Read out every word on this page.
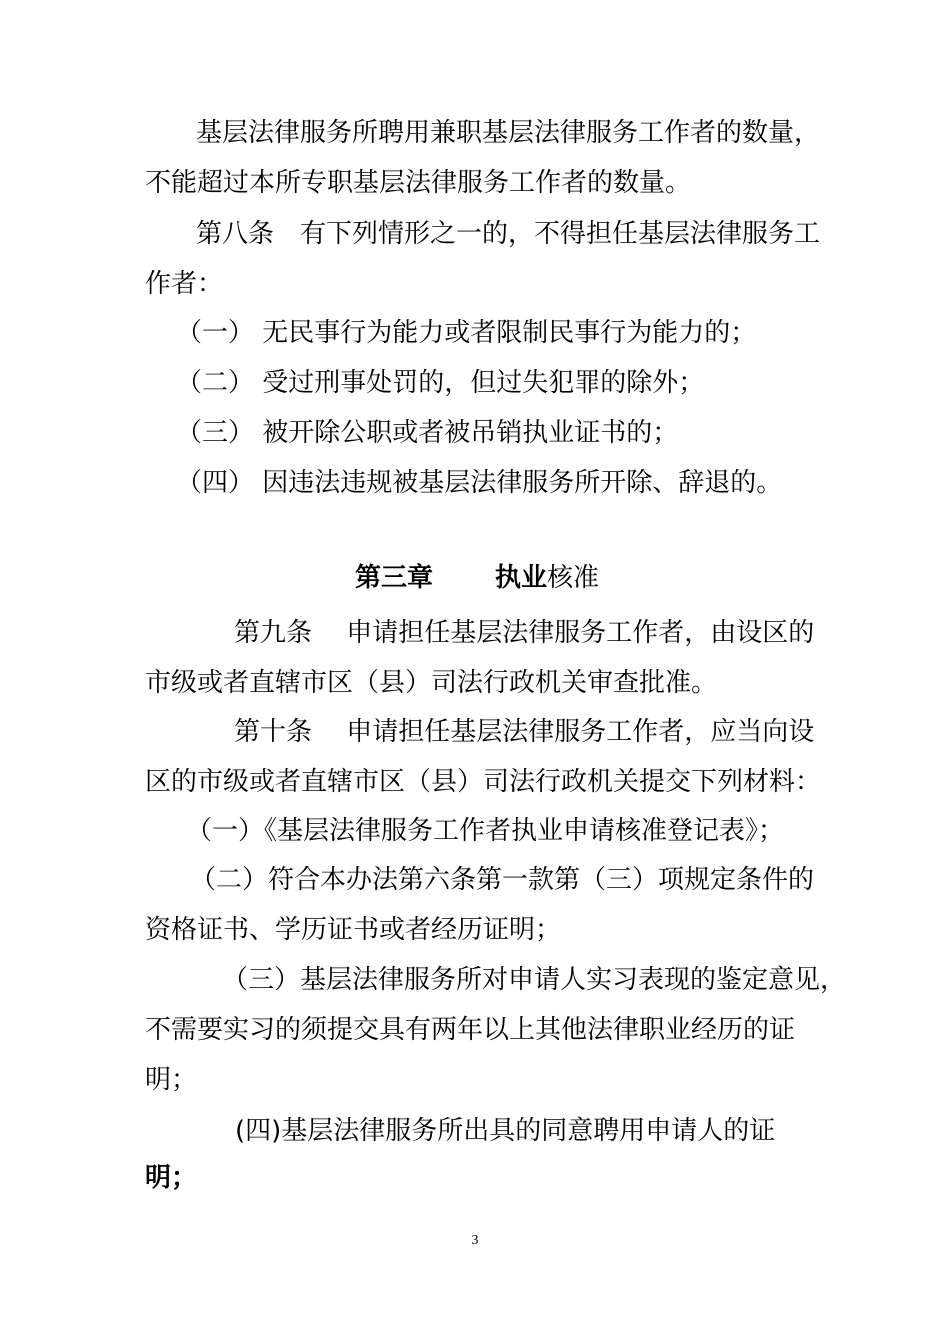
基层法律服务所聘用兼职基层法律服务工作者的数量，
不能超过本所专职基层法律服务工作者的数量。
第八条　有下列情形之一的，不得担任基层法律服务工
作者：
（一） 无民事行为能力或者限制民事行为能力的；
（二） 受过刑事处罚的，但过失犯罪的除外；
（三） 被开除公职或者被吊销执业证书的；
（四） 因违法违规被基层法律服务所开除、辞退的。
第三章 执业核准
第九条　 申请担任基层法律服务工作者，由设区的
市级或者直辖市区（县）司法行政机关审查批准。
第十条　 申请担任基层法律服务工作者，应当向设
区的市级或者直辖市区（县）司法行政机关提交下列材料：
（一）《基层法律服务工作者执业申请核准登记表》；
（二）符合本办法第六条第一款第（三）项规定条件的
资格证书、学历证书或者经历证明；
（三）基层法律服务所对申请人实习表现的鉴定意见，
不需要实习的须提交具有两年以上其他法律职业经历的证
明；
(四)基层法律服务所出具的同意聘用申请人的证
明；
3
